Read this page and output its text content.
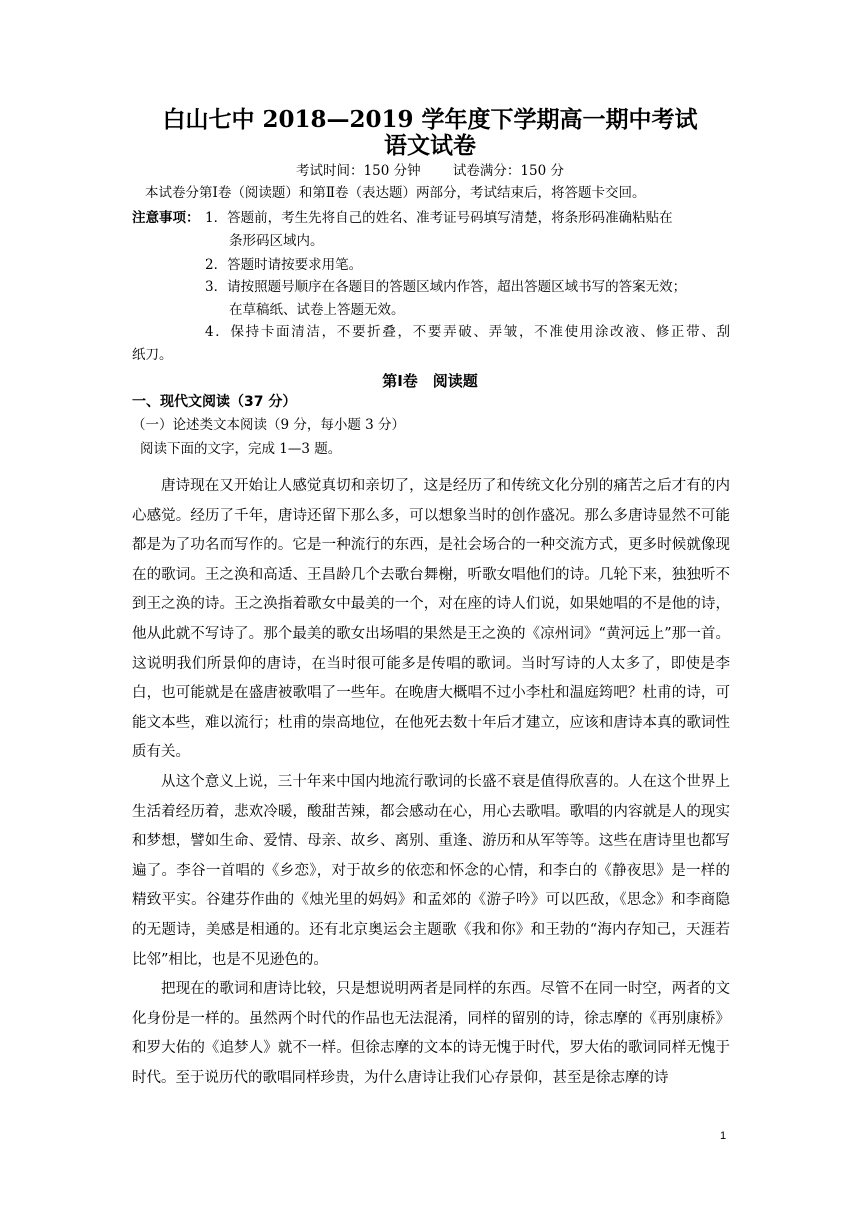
白山七中 2018—2019 学年度下学期高一期中考试
语文试卷
考试时间：150 分钟 试卷满分：150 分
本试卷分第Ⅰ卷（阅读题）和第Ⅱ卷（表达题）两部分，考试结束后，将答题卡交回。
注意事项： 1．答题前，考生先将自己的姓名、准考证号码填写清楚，将条形码准确粘贴在
条形码区域内。
2．答题时请按要求用笔。
3．请按照题号顺序在各题目的答题区域内作答，超出答题区域书写的答案无效；
在草稿纸、试卷上答题无效。
4．保持卡面清洁，不要折叠，不要弄破、弄皱，不准使用涂改液、修正带、刮
纸刀。
第Ⅰ卷　阅读题
一、现代文阅读（37 分）
（一）论述类文本阅读（9 分，每小题 3 分）
阅读下面的文字，完成 1—3 题。

唐诗现在又开始让人感觉真切和亲切了，这是经历了和传统文化分别的痛苦之后才有的内心感觉。经历了千年，唐诗还留下那么多，可以想象当时的创作盛况。那么多唐诗显然不可能都是为了功名而写作的。它是一种流行的东西，是社会场合的一种交流方式，更多时候就像现在的歌词。王之涣和高适、王昌龄几个去歌台舞榭，听歌女唱他们的诗。几轮下来，独独听不到王之涣的诗。王之涣指着歌女中最美的一个，对在座的诗人们说，如果她唱的不是他的诗，他从此就不写诗了。那个最美的歌女出场唱的果然是王之涣的《凉州词》“黄河远上”那一首。这说明我们所景仰的唐诗，在当时很可能多是传唱的歌词。当时写诗的人太多了，即使是李白，也可能就是在盛唐被歌唱了一些年。在晚唐大概唱不过小李杜和温庭筠吧？杜甫的诗，可能文本些，难以流行；杜甫的崇高地位，在他死去数十年后才建立，应该和唐诗本真的歌词性质有关。

从这个意义上说，三十年来中国内地流行歌词的长盛不衰是值得欣喜的。人在这个世界上生活着经历着，悲欢冷暖，酸甜苦辣，都会感动在心，用心去歌唱。歌唱的内容就是人的现实和梦想，譬如生命、爱情、母亲、故乡、离别、重逢、游历和从军等等。这些在唐诗里也都写遍了。李谷一首唱的《乡恋》，对于故乡的依恋和怀念的心情，和李白的《静夜思》是一样的精致平实。谷建芬作曲的《烛光里的妈妈》和孟郊的《游子吟》可以匹敌，《思念》和李商隐的无题诗，美感是相通的。还有北京奥运会主题歌《我和你》和王勃的“海内存知己，天涯若比邻”相比，也是不见逊色的。

把现在的歌词和唐诗比较，只是想说明两者是同样的东西。尽管不在同一时空，两者的文化身份是一样的。虽然两个时代的作品也无法混淆，同样的留别的诗，徐志摩的《再别康桥》和罗大佑的《追梦人》就不一样。但徐志摩的文本的诗无愧于时代，罗大佑的歌词同样无愧于时代。至于说历代的歌唱同样珍贵，为什么唐诗让我们心存景仰，甚至是徐志摩的诗

1
